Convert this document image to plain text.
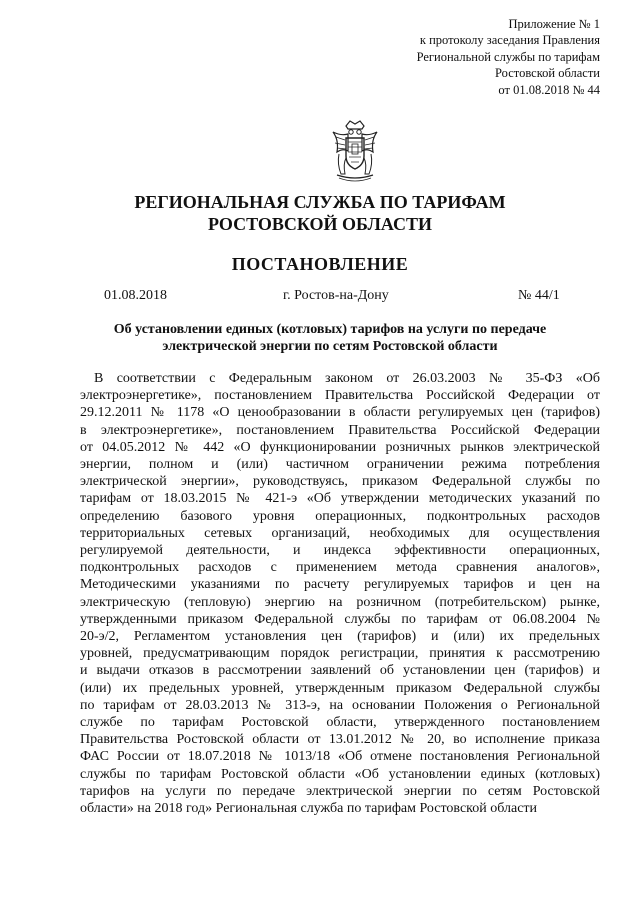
Приложение № 1
к протоколу заседания Правления
Региональной службы по тарифам
Ростовской области
от 01.08.2018 № 44
РЕГИОНАЛЬНАЯ СЛУЖБА ПО ТАРИФАМ
РОСТОВСКОЙ ОБЛАСТИ
ПОСТАНОВЛЕНИЕ
01.08.2018	г. Ростов-на-Дону	№ 44/1
Об установлении единых (котловых) тарифов на услуги по передаче
электрической энергии по сетям Ростовской области
В соответствии с Федеральным законом от 26.03.2003 № 35-ФЗ «Об
электроэнергетике», постановлением Правительства Российской Федерации от
29.12.2011 № 1178 «О ценообразовании в области регулируемых цен (тарифов)
в электроэнергетике», постановлением Правительства Российской Федерации
от 04.05.2012 № 442 «О функционировании розничных рынков электрической
энергии, полном и (или) частичном ограничении режима потребления
электрической энергии», руководствуясь, приказом Федеральной службы по
тарифам от 18.03.2015 № 421-э «Об утверждении методических указаний по
определению базового уровня операционных, подконтрольных расходов
территориальных сетевых организаций, необходимых для осуществления
регулируемой деятельности, и индекса эффективности операционных,
подконтрольных расходов с применением метода сравнения аналогов»,
Методическими указаниями по расчету регулируемых тарифов и цен на
электрическую (тепловую) энергию на розничном (потребительском) рынке,
утвержденными приказом Федеральной службы по тарифам от 06.08.2004 №
20-э/2, Регламентом установления цен (тарифов) и (или) их предельных
уровней, предусматривающим порядок регистрации, принятия к рассмотрению
и выдачи отказов в рассмотрении заявлений об установлении цен (тарифов) и
(или) их предельных уровней, утвержденным приказом Федеральной службы
по тарифам от 28.03.2013 № 313-э, на основании Положения о Региональной
службе по тарифам Ростовской области, утвержденного постановлением
Правительства Ростовской области от 13.01.2012 № 20, во исполнение приказа
ФАС России от 18.07.2018 № 1013/18 «Об отмене постановления Региональной
службы по тарифам Ростовской области «Об установлении единых (котловых)
тарифов на услуги по передаче электрической энергии по сетям Ростовской
области» на 2018 год» Региональная служба по тарифам Ростовской области
